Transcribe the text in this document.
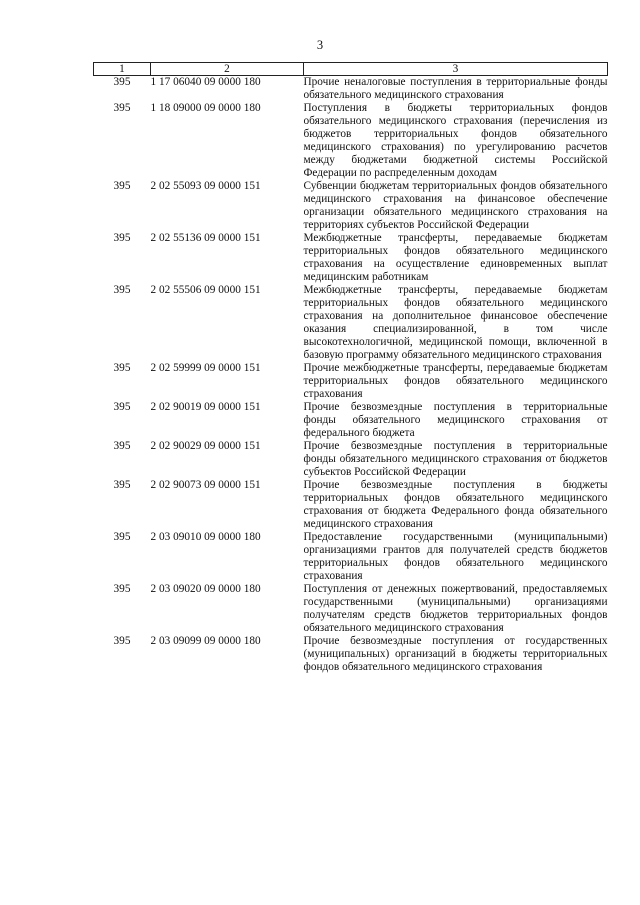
3
1	2	3
395	1 17 06040 09 0000 180	Прочие неналоговые поступления в территориальные фонды обязательного медицинского страхования
395	1 18 09000 09 0000 180	Поступления в бюджеты территориальных фондов обязательного медицинского страхования (перечисления из бюджетов территориальных фондов обязательного медицинского страхования) по урегулированию расчетов между бюджетами бюджетной системы Российской Федерации по распределенным доходам
395	2 02 55093 09 0000 151	Субвенции бюджетам территориальных фондов обязательного медицинского страхования на финансовое обеспечение организации обязательного медицинского страхования на территориях субъектов Российской Федерации
395	2 02 55136 09 0000 151	Межбюджетные трансферты, передаваемые бюджетам территориальных фондов обязательного медицинского страхования на осуществление единовременных выплат медицинским работникам
395	2 02 55506 09 0000 151	Межбюджетные трансферты, передаваемые бюджетам территориальных фондов обязательного медицинского страхования на дополнительное финансовое обеспечение оказания специализированной, в том числе высокотехнологичной, медицинской помощи, включенной в базовую программу обязательного медицинского страхования
395	2 02 59999 09 0000 151	Прочие межбюджетные трансферты, передаваемые бюджетам территориальных фондов обязательного медицинского страхования
395	2 02 90019 09 0000 151	Прочие безвозмездные поступления в территориальные фонды обязательного медицинского страхования от федерального бюджета
395	2 02 90029 09 0000 151	Прочие безвозмездные поступления в территориальные фонды обязательного медицинского страхования от бюджетов субъектов Российской Федерации
395	2 02 90073 09 0000 151	Прочие безвозмездные поступления в бюджеты территориальных фондов обязательного медицинского страхования от бюджета Федерального фонда обязательного медицинского страхования
395	2 03 09010 09 0000 180	Предоставление государственными (муниципальными) организациями грантов для получателей средств бюджетов территориальных фондов обязательного медицинского страхования
395	2 03 09020 09 0000 180	Поступления от денежных пожертвований, предоставляемых государственными (муниципальными) организациями получателям средств бюджетов территориальных фондов обязательного медицинского страхования
395	2 03 09099 09 0000 180	Прочие безвозмездные поступления от государственных (муниципальных) организаций в бюджеты территориальных фондов обязательного медицинского страхования
